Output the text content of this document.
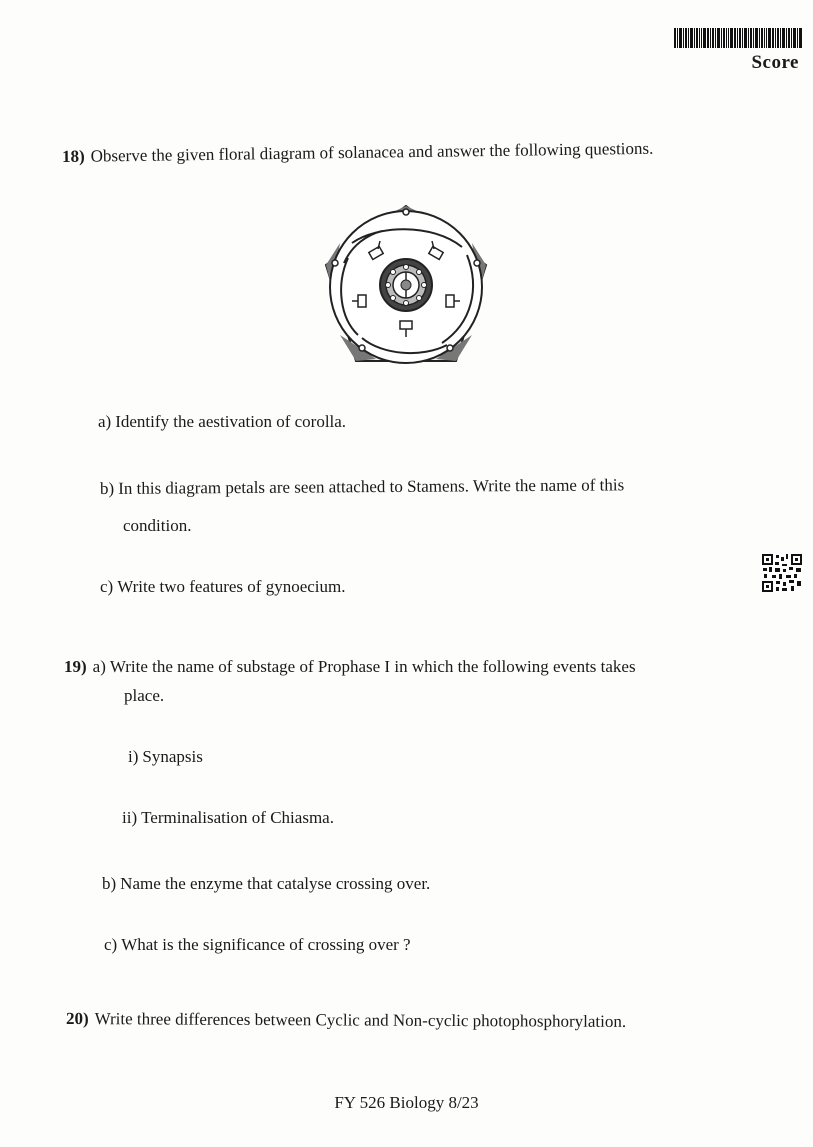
Score
18) Observe the given floral diagram of solanacea and answer the following questions.
a) Identify the aestivation of corolla.
b) In this diagram petals are seen attached to Stamens. Write the name of this
condition.
c) Write two features of gynoecium.
19) a) Write the name of substage of Prophase I in which the following events takes
place.
i) Synapsis
ii) Terminalisation of Chiasma.
b) Name the enzyme that catalyse crossing over.
c) What is the significance of crossing over ?
20) Write three differences between Cyclic and Non-cyclic photophosphorylation.
FY 526 Biology 8/23
